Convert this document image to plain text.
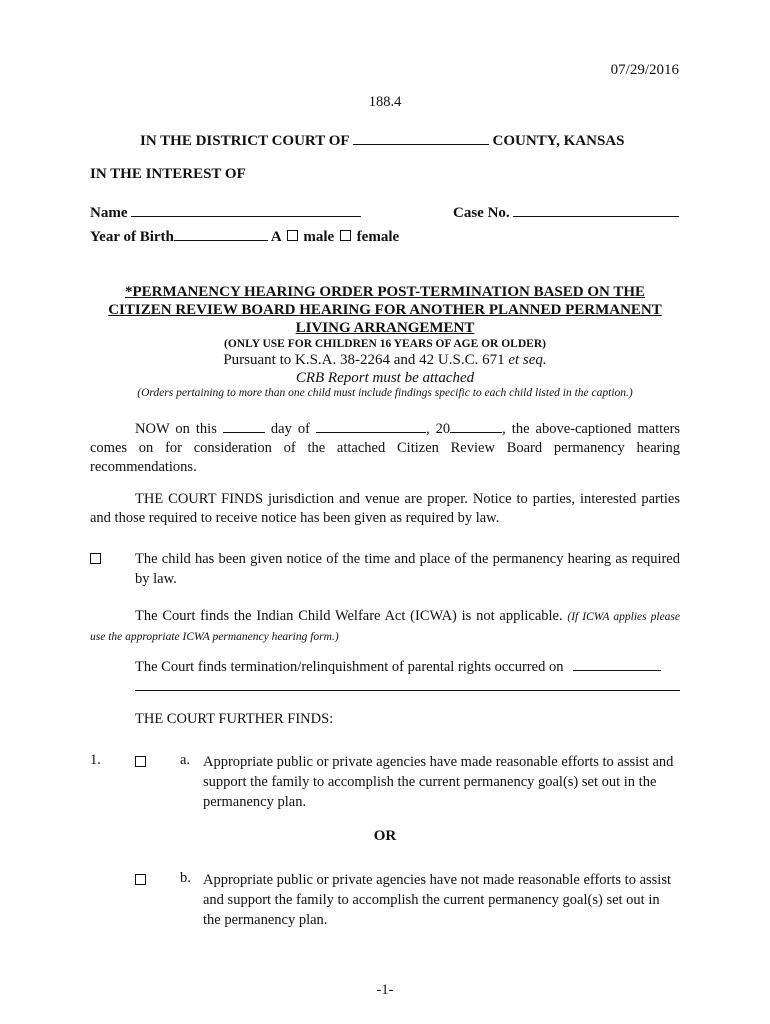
07/29/2016
188.4
IN THE DISTRICT COURT OF	COUNTY, KANSAS
IN THE INTEREST OF
Name	Case No.
Year of Birth	A male female
*PERMANENCY HEARING ORDER POST-TERMINATION BASED ON THE
CITIZEN REVIEW BOARD HEARING FOR ANOTHER PLANNED PERMANENT
LIVING ARRANGEMENT
(ONLY USE FOR CHILDREN 16 YEARS OF AGE OR OLDER)
Pursuant to K.S.A. 38-2264 and 42 U.S.C. 671 et seq.
CRB Report must be attached
(Orders pertaining to more than one child must include findings specific to each child listed in the caption.)
NOW on this	day of	, 20	, the above-captioned matters comes on for consideration of the attached Citizen Review Board permanency hearing recommendations.
THE COURT FINDS jurisdiction and venue are proper. Notice to parties, interested parties and those required to receive notice has been given as required by law.
The child has been given notice of the time and place of the permanency hearing as required by law.
The Court finds the Indian Child Welfare Act (ICWA) is not applicable. (If ICWA applies please use the appropriate ICWA permanency hearing form.)
The Court finds termination/relinquishment of parental rights occurred on
THE COURT FURTHER FINDS:
1.	a. Appropriate public or private agencies have made reasonable efforts to assist and support the family to accomplish the current permanency goal(s) set out in the permanency plan.
OR
b. Appropriate public or private agencies have not made reasonable efforts to assist and support the family to accomplish the current permanency goal(s) set out in the permanency plan.
-1-
